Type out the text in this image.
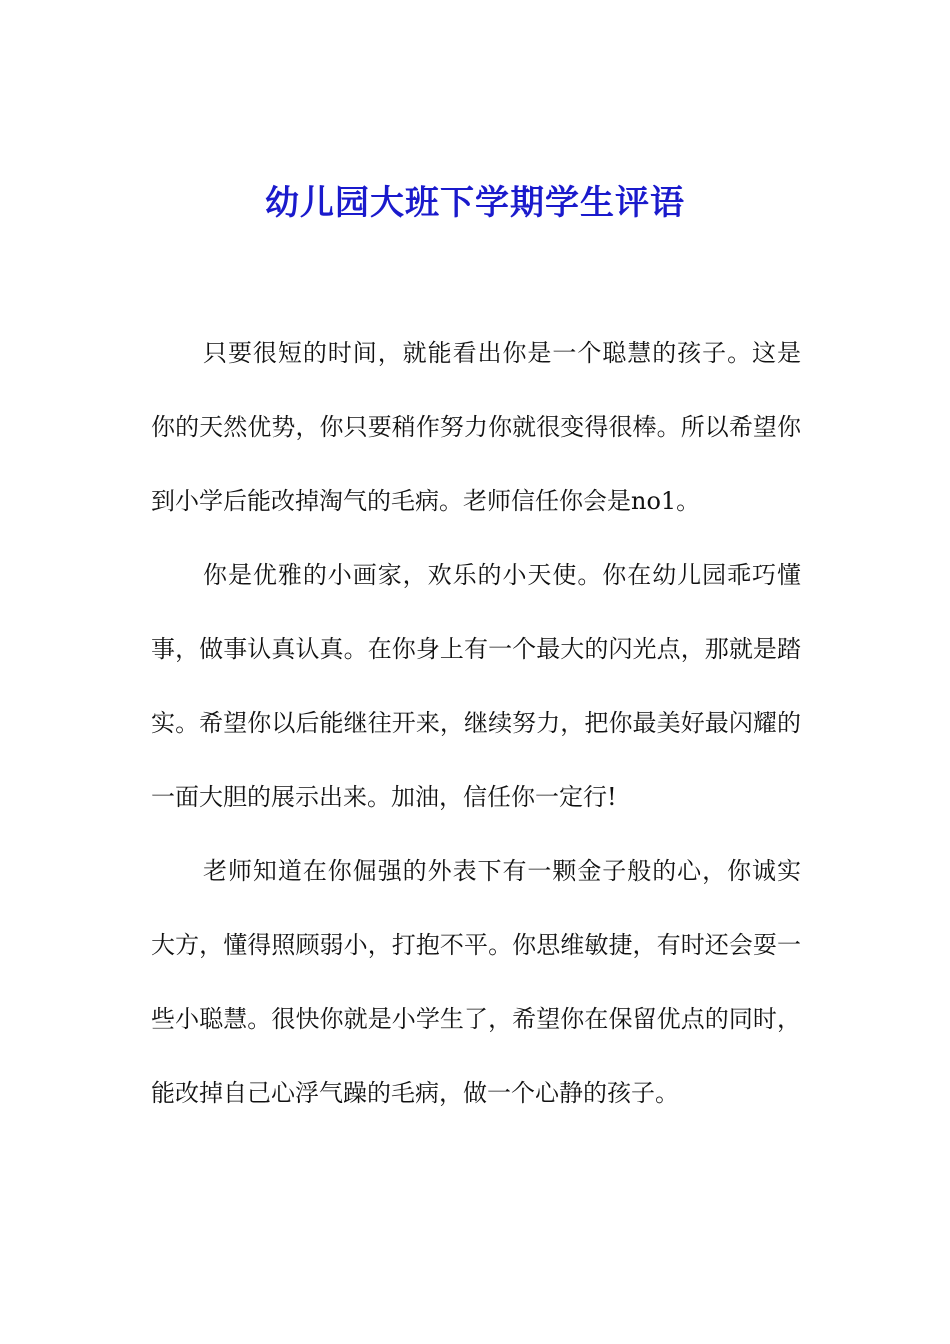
幼儿园大班下学期学生评语

只要很短的时间，就能看出你是一个聪慧的孩子。这是你的天然优势，你只要稍作努力你就很变得很棒。所以希望你到小学后能改掉淘气的毛病。老师信任你会是no1。

你是优雅的小画家，欢乐的小天使。你在幼儿园乖巧懂事，做事认真认真。在你身上有一个最大的闪光点，那就是踏实。希望你以后能继往开来，继续努力，把你最美好最闪耀的一面大胆的展示出来。加油，信任你一定行!

老师知道在你倔强的外表下有一颗金子般的心，你诚实大方，懂得照顾弱小，打抱不平。你思维敏捷，有时还会耍一些小聪慧。很快你就是小学生了，希望你在保留优点的同时，能改掉自己心浮气躁的毛病，做一个心静的孩子。
